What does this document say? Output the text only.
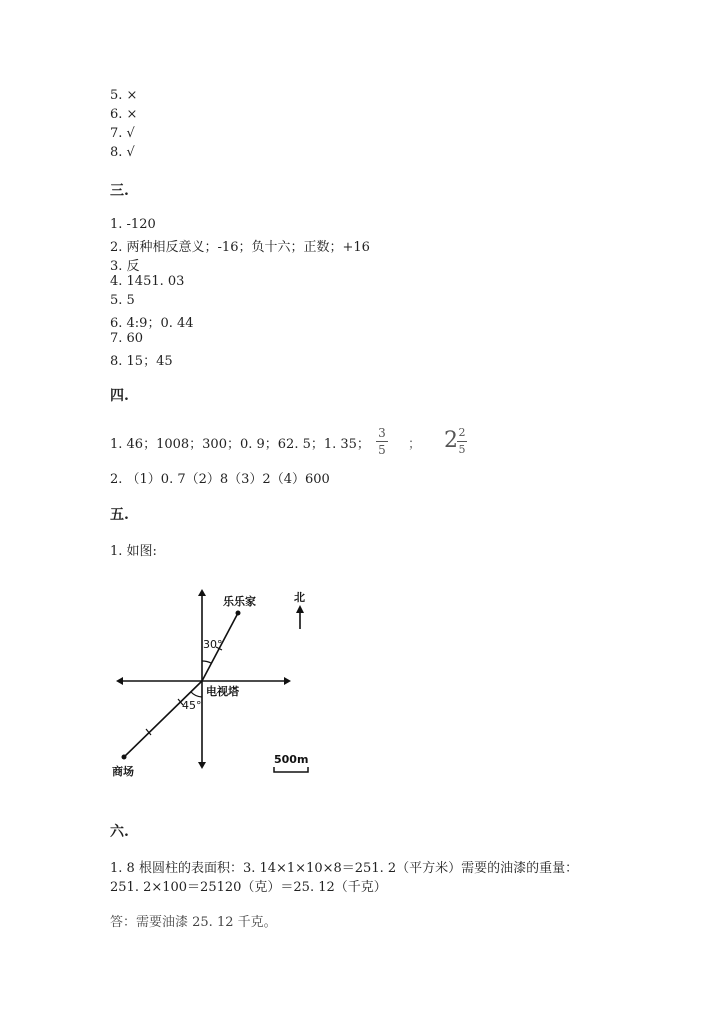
5. ×
6. ×
7. √
8. √
三.
1. -120
2. 两种相反意义；-16；负十六；正数；+16
3. 反
4. 1451. 03
5. 5
6. 4:9；0. 44
7. 60
8. 15；45
四.
1. 46；1008；300；0. 9；62. 5；1. 35；
3
5 ； 2 2
5
2. （1）0. 7（2）8（3）2（4）600
五.
1. 如图:
乐乐家
30°
电视塔
45°
商场
北
500m
六.
1. 8 根圆柱的表面积：3. 14×1×10×8＝251. 2（平方米）需要的油漆的重量：
251. 2×100＝25120（克）＝25. 12（千克）
答：需要油漆 25. 12 千克。
